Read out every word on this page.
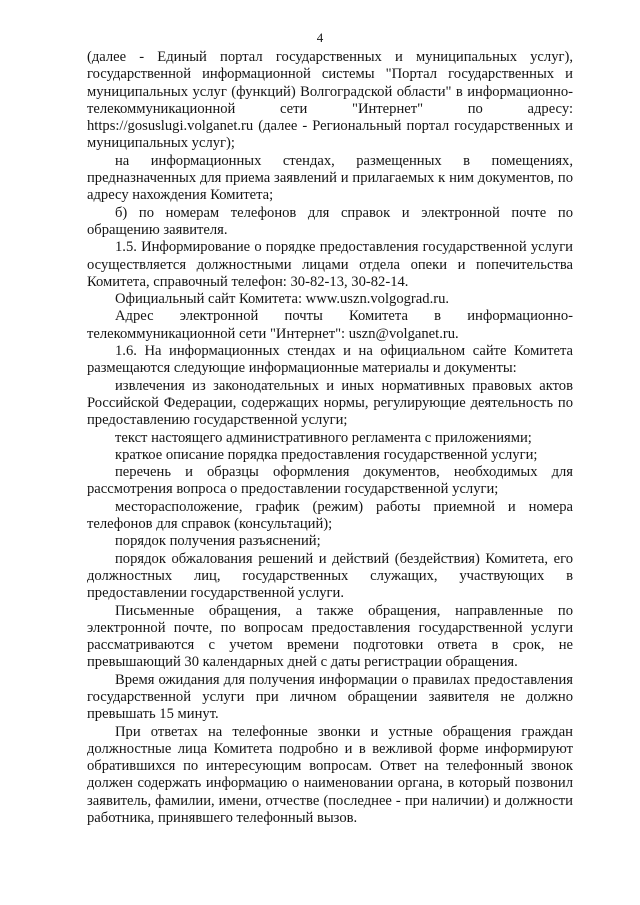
4

(далее - Единый портал государственных и муниципальных услуг), государственной информационной системы "Портал государственных и муниципальных услуг (функций) Волгоградской области" в информационно-телекоммуникационной сети "Интернет" по адресу: https://gosuslugi.volganet.ru (далее - Региональный портал государственных и муниципальных услуг);

на информационных стендах, размещенных в помещениях, предназначенных для приема заявлений и прилагаемых к ним документов, по адресу нахождения Комитета;

б) по номерам телефонов для справок и электронной почте по обращению заявителя.

1.5. Информирование о порядке предоставления государственной услуги осуществляется должностными лицами отдела опеки и попечительства Комитета, справочный телефон: 30-82-13, 30-82-14.

Официальный сайт Комитета: www.uszn.volgograd.ru.

Адрес электронной почты Комитета в информационно-телекоммуникационной сети "Интернет": uszn@volganet.ru.

1.6. На информационных стендах и на официальном сайте Комитета размещаются следующие информационные материалы и документы:

извлечения из законодательных и иных нормативных правовых актов Российской Федерации, содержащих нормы, регулирующие деятельность по предоставлению государственной услуги;

текст настоящего административного регламента с приложениями;

краткое описание порядка предоставления государственной услуги;

перечень и образцы оформления документов, необходимых для рассмотрения вопроса о предоставлении государственной услуги;

месторасположение, график (режим) работы приемной и номера телефонов для справок (консультаций);

порядок получения разъяснений;

порядок обжалования решений и действий (бездействия) Комитета, его должностных лиц, государственных служащих, участвующих в предоставлении государственной услуги.

Письменные обращения, а также обращения, направленные по электронной почте, по вопросам предоставления государственной услуги рассматриваются с учетом времени подготовки ответа в срок, не превышающий 30 календарных дней с даты регистрации обращения.

Время ожидания для получения информации о правилах предоставления государственной услуги при личном обращении заявителя не должно превышать 15 минут.

При ответах на телефонные звонки и устные обращения граждан должностные лица Комитета подробно и в вежливой форме информируют обратившихся по интересующим вопросам. Ответ на телефонный звонок должен содержать информацию о наименовании органа, в который позвонил заявитель, фамилии, имени, отчестве (последнее - при наличии) и должности работника, принявшего телефонный вызов.
